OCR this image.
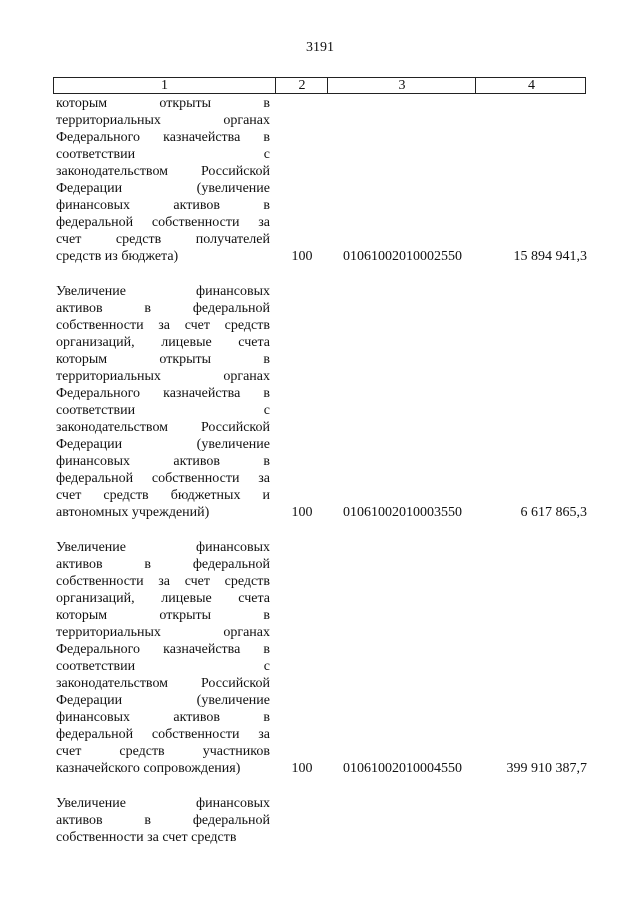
3191
1	2	3	4
которым открыты в
территориальных органах
Федерального казначейства в
соответствии с
законодательством Российской
Федерации (увеличение
финансовых активов в
федеральной собственности за
счет средств получателей
средств из бюджета)	100	01061002010002550	15 894 941,3
Увеличение финансовых
активов в федеральной
собственности за счет средств
организаций, лицевые счета
которым открыты в
территориальных органах
Федерального казначейства в
соответствии с
законодательством Российской
Федерации (увеличение
финансовых активов в
федеральной собственности за
счет средств бюджетных и
автономных учреждений)	100	01061002010003550	6 617 865,3
Увеличение финансовых
активов в федеральной
собственности за счет средств
организаций, лицевые счета
которым открыты в
территориальных органах
Федерального казначейства в
соответствии с
законодательством Российской
Федерации (увеличение
финансовых активов в
федеральной собственности за
счет средств участников
казначейского сопровождения)	100	01061002010004550	399 910 387,7
Увеличение финансовых
активов в федеральной
собственности за счет средств
